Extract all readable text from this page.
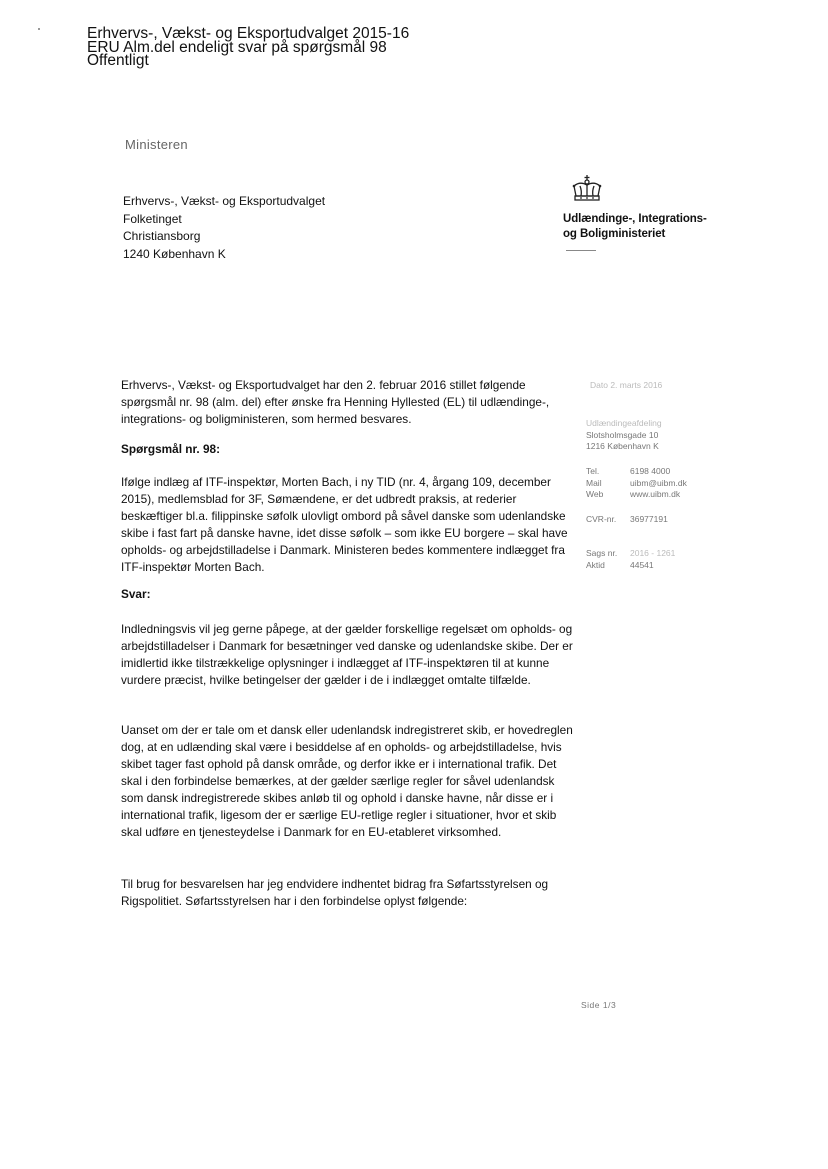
Erhvervs-, Vækst- og Eksportudvalget 2015-16
ERU Alm.del endeligt svar på spørgsmål 98
Offentligt
Ministeren
Erhvervs-, Vækst- og Eksportudvalget
Folketinget
Christiansborg
1240 København K
Udlændinge-, Integrations-
og Boligministeriet

Erhvervs-, Vækst- og Eksportudvalget har den 2. februar 2016 stillet følgende spørgsmål nr. 98 (alm. del) efter ønske fra Henning Hyllested (EL) til udlændinge-, integrations- og boligministeren, som hermed besvares.

Spørgsmål nr. 98:

Ifølge indlæg af ITF-inspektør, Morten Bach, i ny TID (nr. 4, årgang 109, december 2015), medlemsblad for 3F, Sømændene, er det udbredt praksis, at rederier beskæftiger bl.a. filippinske søfolk ulovligt ombord på såvel danske som udenlandske skibe i fast fart på danske havne, idet disse søfolk – som ikke EU borgere – skal have opholds- og arbejdstilladelse i Danmark. Ministeren bedes kommentere indlægget fra ITF-inspektør Morten Bach.

Svar:

Indledningsvis vil jeg gerne påpege, at der gælder forskellige regelsæt om opholds- og arbejdstilladelser i Danmark for besætninger ved danske og udenlandske skibe. Der er imidlertid ikke tilstrækkelige oplysninger i indlægget af ITF-inspektøren til at kunne vurdere præcist, hvilke betingelser der gælder i de i indlægget omtalte tilfælde.

Uanset om der er tale om et dansk eller udenlandsk indregistreret skib, er hovedreglen dog, at en udlænding skal være i besiddelse af en opholds- og arbejdstilladelse, hvis skibet tager fast ophold på dansk område, og derfor ikke er i international trafik. Det skal i den forbindelse bemærkes, at der gælder særlige regler for såvel udenlandsk som dansk indregistrerede skibes anløb til og ophold i danske havne, når disse er i international trafik, ligesom der er særlige EU-retlige regler i situationer, hvor et skib skal udføre en tjenesteydelse i Danmark for en EU-etableret virksomhed.

Til brug for besvarelsen har jeg endvidere indhentet bidrag fra Søfartsstyrelsen og Rigspolitiet. Søfartsstyrelsen har i den forbindelse oplyst følgende:

Dato 2. marts 2016
Udlændingeafdeling
Slotsholmsgade 10
1216 København K
Tel.	6198 4000
Mail	uibm@uibm.dk
Web	www.uibm.dk
CVR-nr.	36977191
Sags nr.	2016 - 1261
Aktid	44541
Side 1/3
